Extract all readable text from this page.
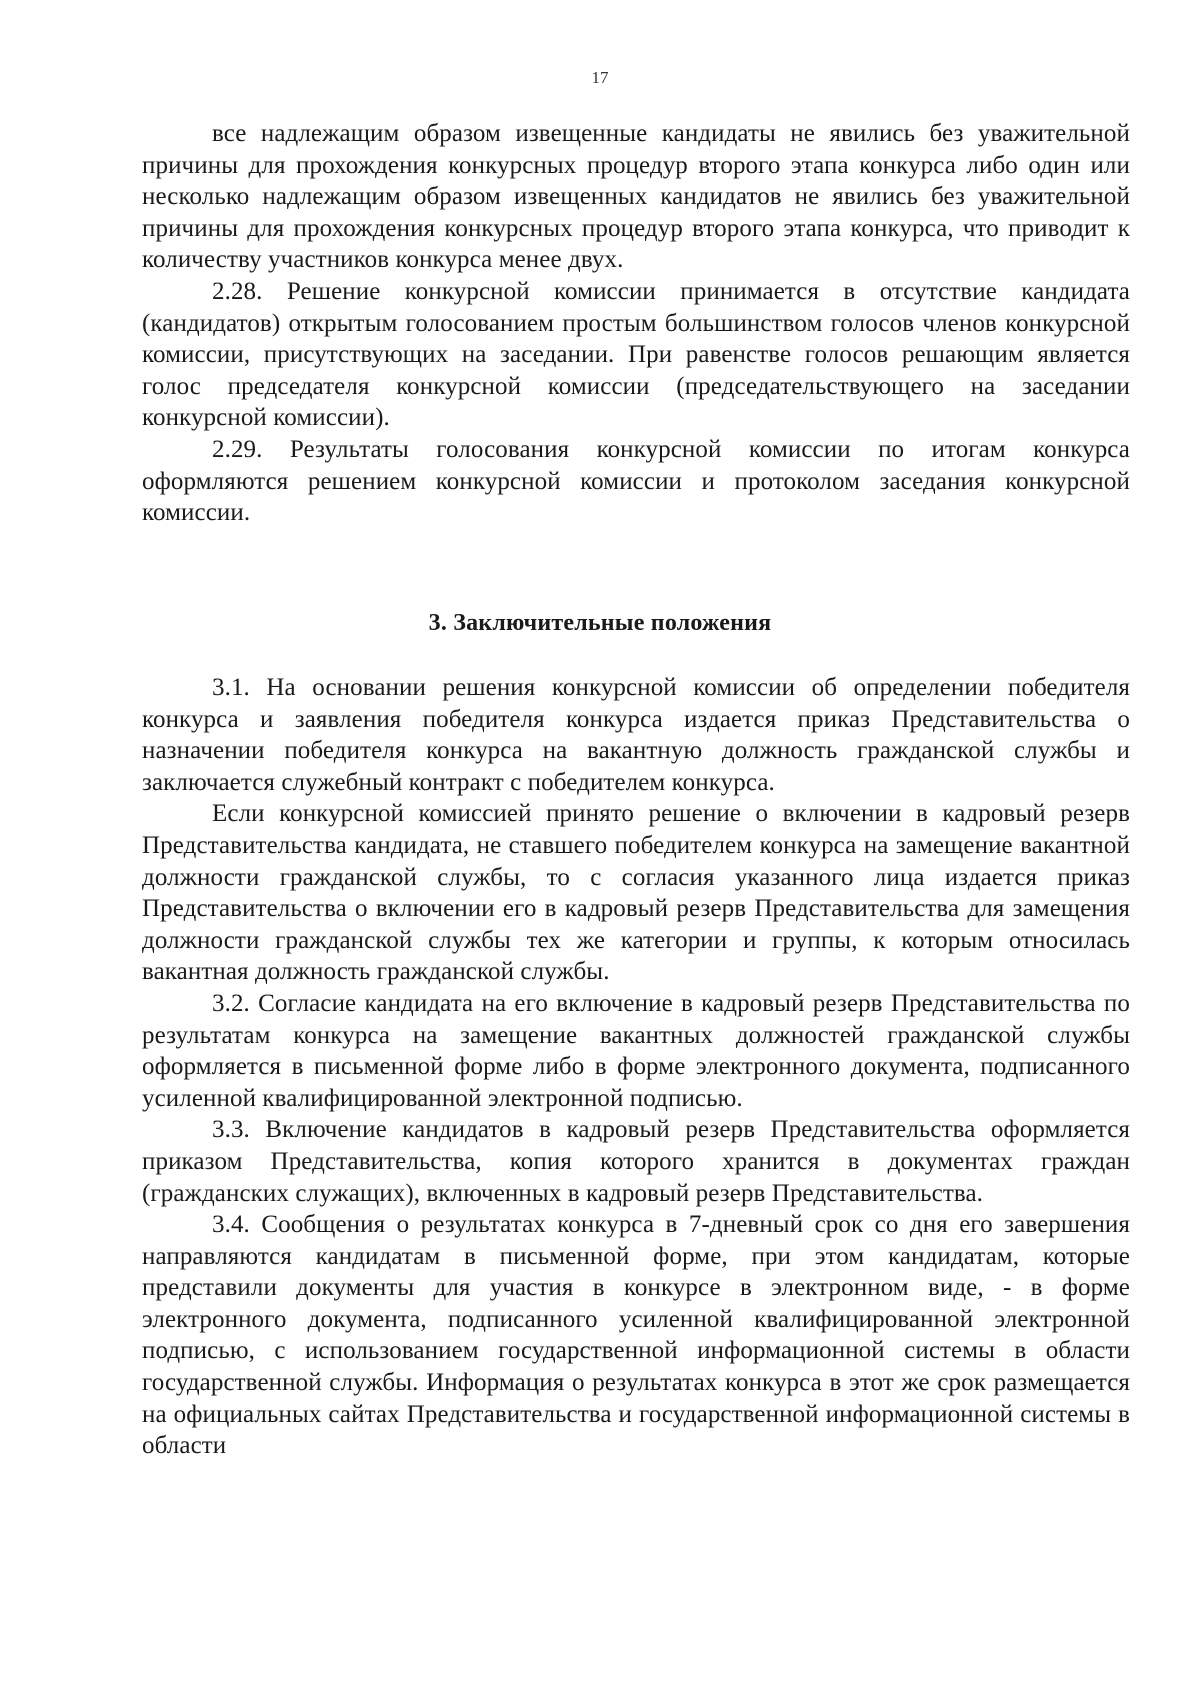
17

все надлежащим образом извещенные кандидаты не явились без уважительной причины для прохождения конкурсных процедур второго этапа конкурса либо один или несколько надлежащим образом извещенных кандидатов не явились без уважительной причины для прохождения конкурсных процедур второго этапа конкурса, что приводит к количеству участников конкурса менее двух.

2.28. Решение конкурсной комиссии принимается в отсутствие кандидата (кандидатов) открытым голосованием простым большинством голосов членов конкурсной комиссии, присутствующих на заседании. При равенстве голосов решающим является голос председателя конкурсной комиссии (председательствующего на заседании конкурсной комиссии).

2.29. Результаты голосования конкурсной комиссии по итогам конкурса оформляются решением конкурсной комиссии и протоколом заседания конкурсной комиссии.

3. Заключительные положения

3.1. На основании решения конкурсной комиссии об определении победителя конкурса и заявления победителя конкурса издается приказ Представительства о назначении победителя конкурса на вакантную должность гражданской службы и заключается служебный контракт с победителем конкурса.

Если конкурсной комиссией принято решение о включении в кадровый резерв Представительства кандидата, не ставшего победителем конкурса на замещение вакантной должности гражданской службы, то с согласия указанного лица издается приказ Представительства о включении его в кадровый резерв Представительства для замещения должности гражданской службы тех же категории и группы, к которым относилась вакантная должность гражданской службы.

3.2. Согласие кандидата на его включение в кадровый резерв Представительства по результатам конкурса на замещение вакантных должностей гражданской службы оформляется в письменной форме либо в форме электронного документа, подписанного усиленной квалифицированной электронной подписью.

3.3. Включение кандидатов в кадровый резерв Представительства оформляется приказом Представительства, копия которого хранится в документах граждан (гражданских служащих), включенных в кадровый резерв Представительства.

3.4. Сообщения о результатах конкурса в 7-дневный срок со дня его завершения направляются кандидатам в письменной форме, при этом кандидатам, которые представили документы для участия в конкурсе в электронном виде, - в форме электронного документа, подписанного усиленной квалифицированной электронной подписью, с использованием государственной информационной системы в области государственной службы. Информация о результатах конкурса в этот же срок размещается на официальных сайтах Представительства и государственной информационной системы в области
